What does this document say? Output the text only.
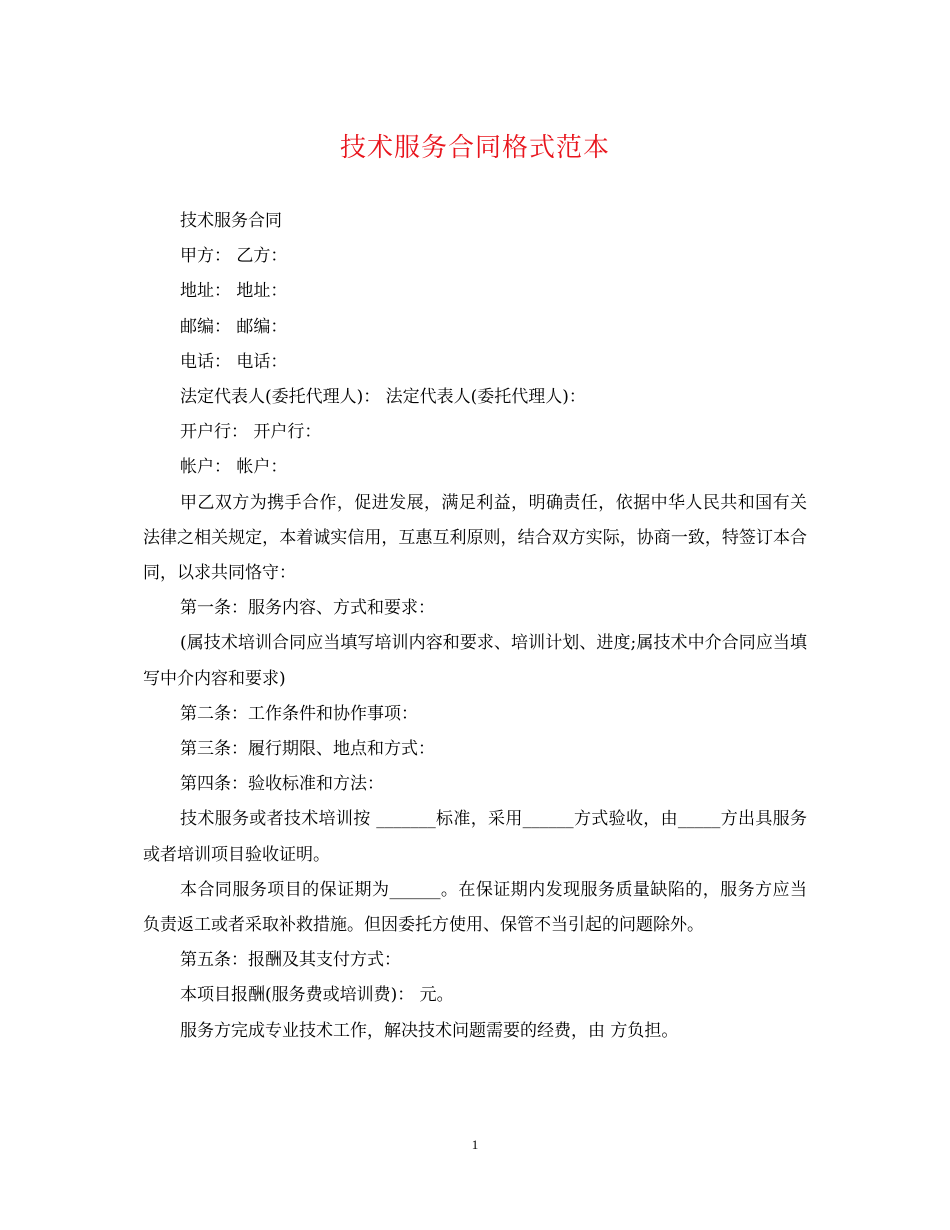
技术服务合同格式范本

技术服务合同

甲方： 乙方：

地址： 地址：

邮编： 邮编：

电话： 电话：

法定代表人(委托代理人)： 法定代表人(委托代理人)：

开户行： 开户行：

帐户： 帐户：

甲乙双方为携手合作，促进发展，满足利益，明确责任，依据中华人民共和国有关法律之相关规定，本着诚实信用，互惠互利原则，结合双方实际，协商一致，特签订本合同，以求共同恪守：

第一条：服务内容、方式和要求：

(属技术培训合同应当填写培训内容和要求、培训计划、进度;属技术中介合同应当填写中介内容和要求)

第二条：工作条件和协作事项：

第三条：履行期限、地点和方式：

第四条：验收标准和方法：

技术服务或者技术培训按 _______标准，采用______方式验收，由_____方出具服务或者培训项目验收证明。

本合同服务项目的保证期为______。在保证期内发现服务质量缺陷的，服务方应当负责返工或者采取补救措施。但因委托方使用、保管不当引起的问题除外。

第五条：报酬及其支付方式：

本项目报酬(服务费或培训费)： 元。

服务方完成专业技术工作，解决技术问题需要的经费，由 方负担。

1
